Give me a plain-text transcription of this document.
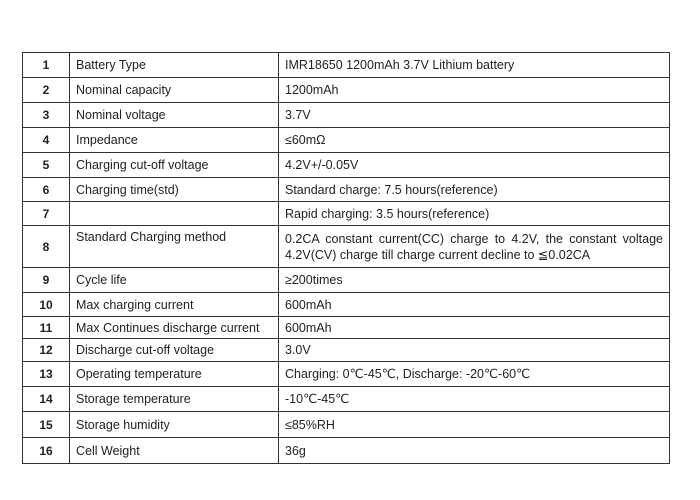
1	Battery Type	IMR18650 1200mAh 3.7V Lithium battery
2	Nominal capacity	1200mAh
3	Nominal voltage	3.7V
4	Impedance	≤60mΩ
5	Charging cut-off voltage	4.2V+/-0.05V
6	Charging time(std)	Standard charge: 7.5 hours(reference)
7		Rapid charging: 3.5 hours(reference)
8	Standard Charging method	0.2CA constant current(CC) charge to 4.2V, the constant voltage 4.2V(CV) charge till charge current decline to ≦0.02CA
9	Cycle life	≥200times
10	Max charging current	600mAh
11	Max Continues discharge current	600mAh
12	Discharge cut-off voltage	3.0V
13	Operating temperature	Charging: 0℃-45℃, Discharge: -20℃-60℃
14	Storage temperature	-10℃-45℃
15	Storage humidity	≤85%RH
16	Cell Weight	36g
